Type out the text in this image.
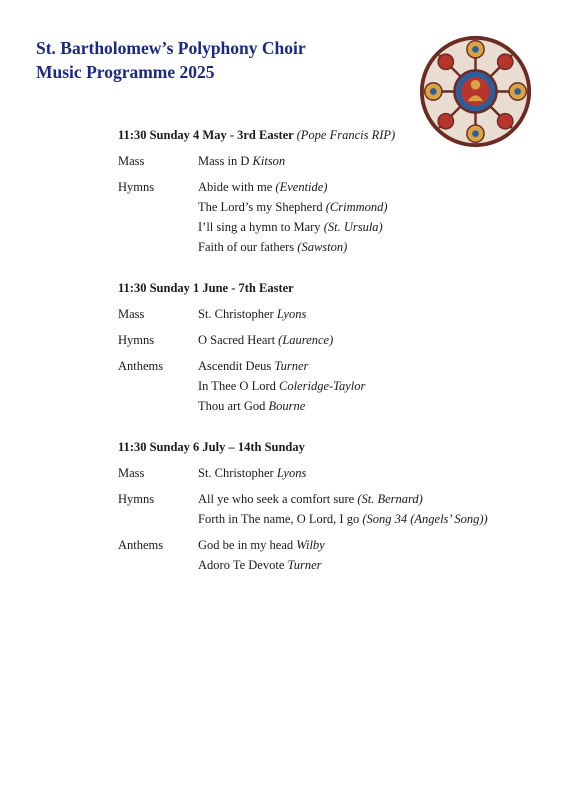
St. Bartholomew’s Polyphony Choir
Music Programme 2025
11:30 Sunday 4 May - 3rd Easter (Pope Francis RIP)
Mass	Mass in D Kitson
Hymns	Abide with me (Eventide)
The Lord’s my Shepherd (Crimmond)
I’ll sing a hymn to Mary (St. Ursula)
Faith of our fathers (Sawston)
11:30 Sunday 1 June - 7th Easter
Mass	St. Christopher Lyons
Hymns	O Sacred Heart (Laurence)
Anthems	Ascendit Deus Turner
In Thee O Lord Coleridge-Taylor
Thou art God Bourne
11:30 Sunday 6 July – 14th Sunday
Mass	St. Christopher Lyons
Hymns	All ye who seek a comfort sure (St. Bernard)
Forth in The name, O Lord, I go (Song 34 (Angels’ Song))
Anthems	God be in my head Wilby
Adoro Te Devote Turner
